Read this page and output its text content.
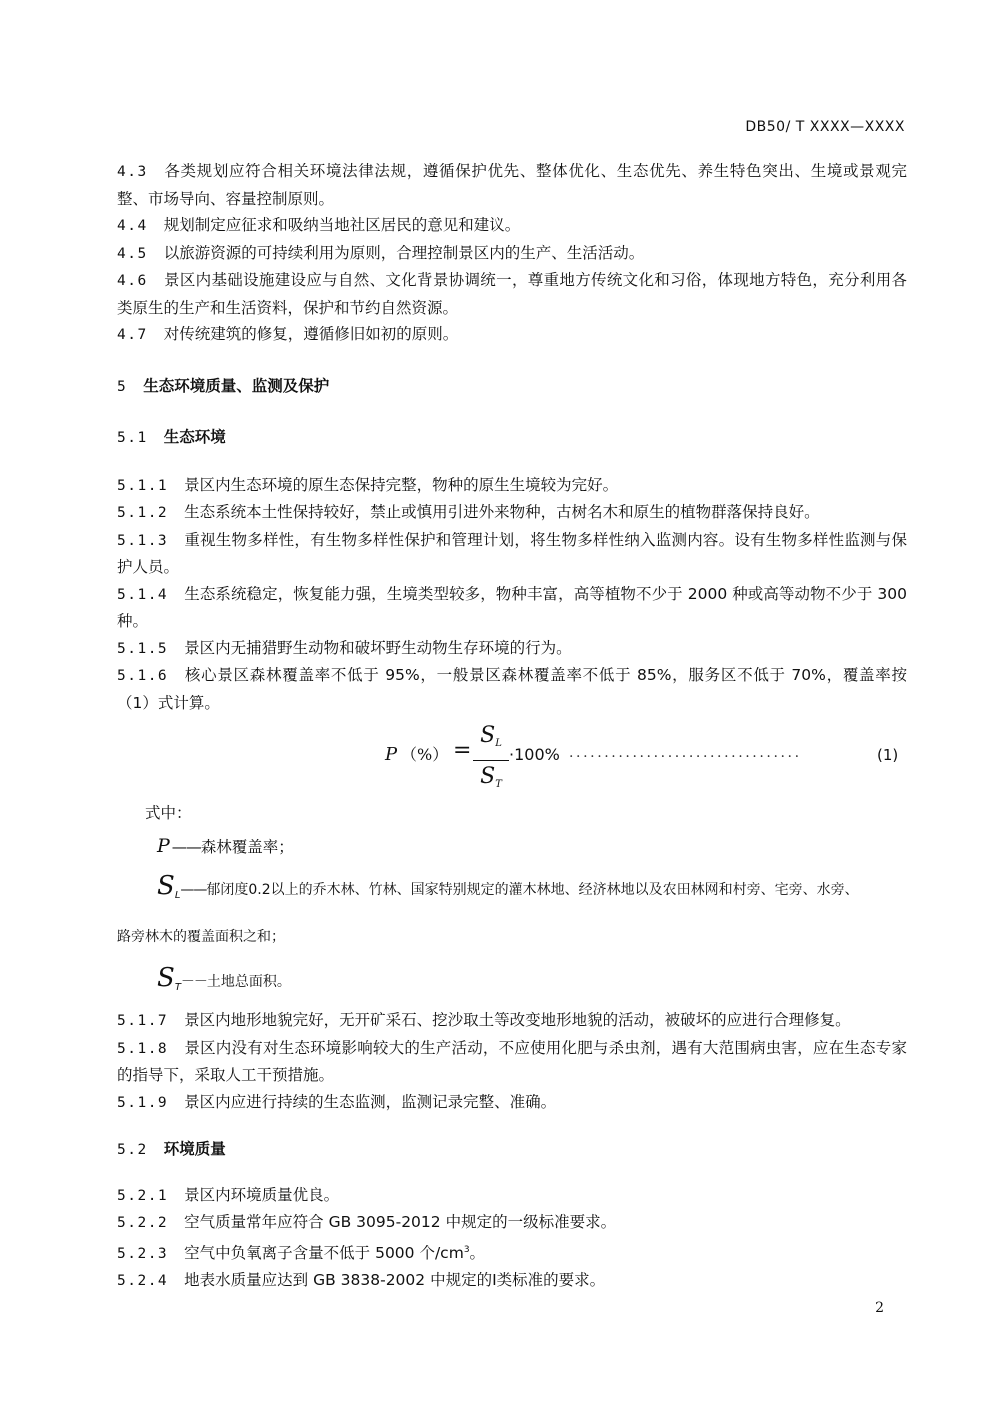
DB50/ T XXXX—XXXX

4.3 各类规划应符合相关环境法律法规，遵循保护优先、整体优化、生态优先、养生特色突出、生境或景观完整、市场导向、容量控制原则。

4.4 规划制定应征求和吸纳当地社区居民的意见和建议。

4.5 以旅游资源的可持续利用为原则，合理控制景区内的生产、生活活动。

4.6 景区内基础设施建设应与自然、文化背景协调统一，尊重地方传统文化和习俗，体现地方特色，充分利用各类原生的生产和生活资料，保护和节约自然资源。

4.7 对传统建筑的修复，遵循修旧如初的原则。

5 生态环境质量、监测及保护

5.1 生态环境

5.1.1 景区内生态环境的原生态保持完整，物种的原生生境较为完好。

5.1.2 生态系统本土性保持较好，禁止或慎用引进外来物种，古树名木和原生的植物群落保持良好。

5.1.3 重视生物多样性，有生物多样性保护和管理计划，将生物多样性纳入监测内容。设有生物多样性监测与保护人员。

5.1.4 生态系统稳定，恢复能力强，生境类型较多，物种丰富，高等植物不少于 2000 种或高等动物不少于 300 种。

5.1.5 景区内无捕猎野生动物和破坏野生动物生存环境的行为。

5.1.6 核心景区森林覆盖率不低于 95%，一般景区森林覆盖率不低于 85%，服务区不低于 70%，覆盖率按（1）式计算。

P （%） =
$S_L$
$S_T$
·100% .................................	(1)
式中：
P —— 森林覆盖率；
$S_L——$郁闭度0.2以上的乔木林、竹林、国家特别规定的灌木林地、经济林地以及农田林网和村旁、宅旁、水旁、
路旁林木的覆盖面积之和；
$S_T--$土地总面积。

5.1.7 景区内地形地貌完好，无开矿采石、挖沙取土等改变地形地貌的活动，被破坏的应进行合理修复。

5.1.8 景区内没有对生态环境影响较大的生产活动，不应使用化肥与杀虫剂，遇有大范围病虫害，应在生态专家的指导下，采取人工干预措施。

5.1.9 景区内应进行持续的生态监测，监测记录完整、准确。

5.2 环境质量

5.2.1 景区内环境质量优良。

5.2.2 空气质量常年应符合 GB 3095-2012 中规定的一级标准要求。

5.2.3 空气中负氧离子含量不低于 5000 个$/cm^3$。

5.2.4 地表水质量应达到 GB 3838-2002 中规定的Ⅰ类标准的要求。

2
